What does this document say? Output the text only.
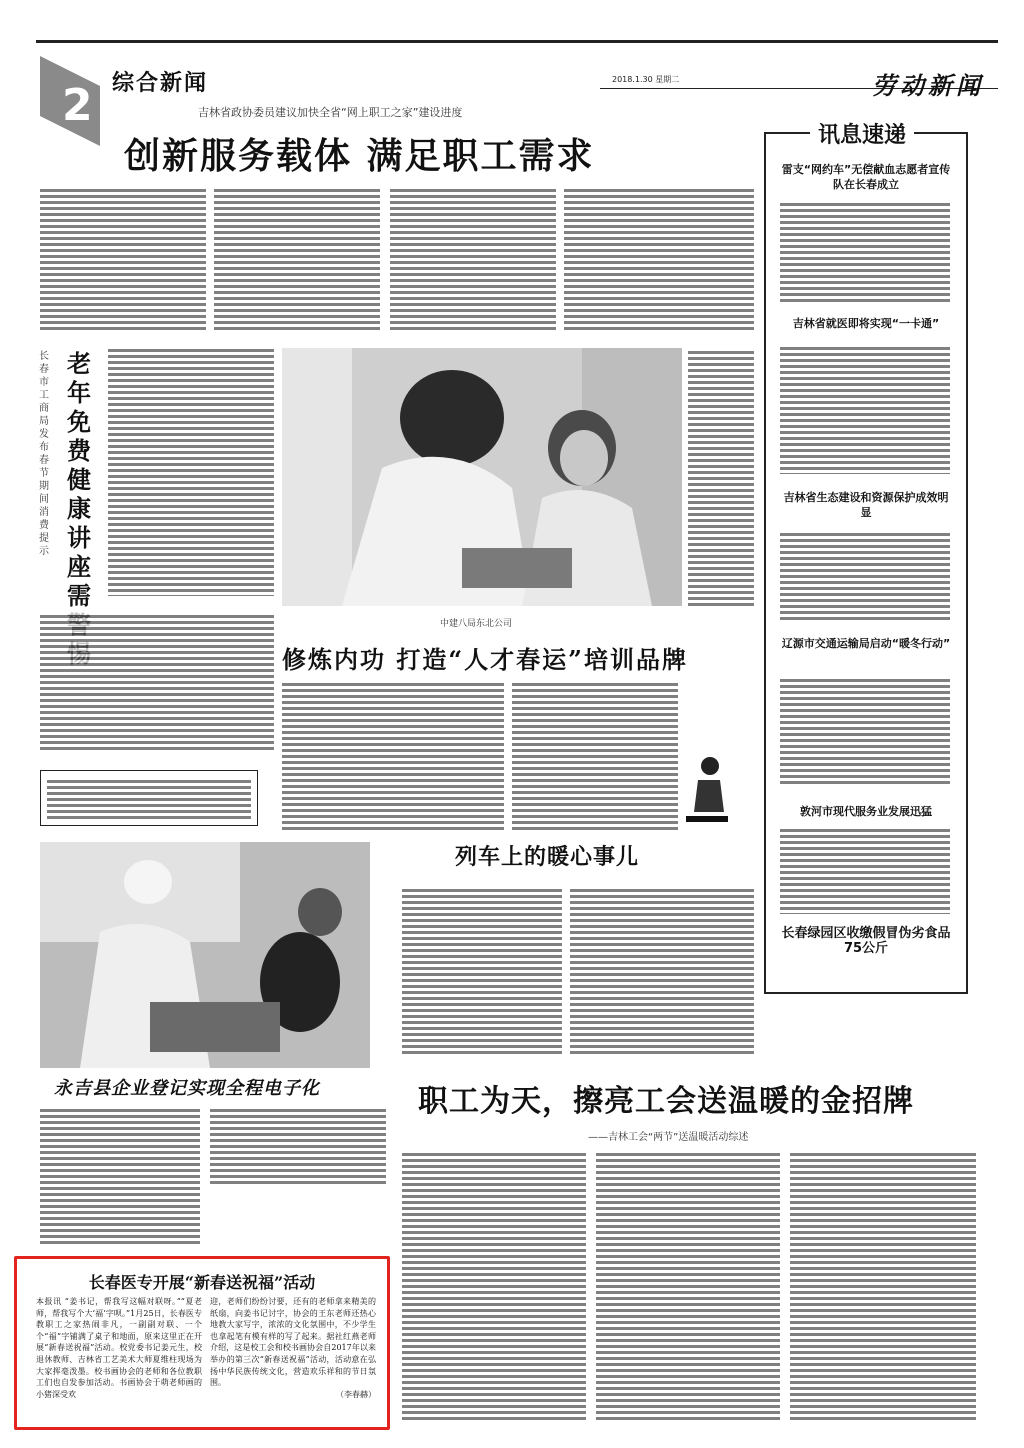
2 综合新闻
吉林省政协委员建议加快全省“网上职工之家”建设进度
2018.1.30 星期二	劳动新闻
创新服务载体 满足职工需求
长春市工商局发布春节期间消费提示
老年免费健康讲座需
中建八局东北公司
修炼内功 打造“人才春运”培训品牌
列车上的暖心事儿
永吉县企业登记实现全程电子化	职工为天，擦亮工会送温暖的金招牌
——吉林工会“两节”送温暖活动综述
讯息速递
雷支“网约车”无偿献血志愿者宣传队在长春成立
吉林省就医即将实现“一卡通”
吉林省生态建设和资源保护成效明显
辽源市交通运输局启动“暖冬行动”
敦河市现代服务业发展迅猛
长春绿园区收缴假冒伪劣食品75公斤
长春医专开展“新春送祝福”活动
本报讯 “姜书记，帮我写这幅对联呀。”“夏老师，帮我写个大‘福’字呗。”1月25日，长春医专教职工之家热闹非凡，一副副对联、一个个“福”字铺满了桌子和地面，原来这里正在开展“新春送祝福”活动。校党委书记姜元生，校退休教师、吉林省工艺美术大师夏维柱现场为大家挥毫泼墨。校书画协会的老师和各位教职工们也自发参加活动。书画协会于萌老师画的小猪深受欢
迎，老师们纷纷讨要，还有的老师拿来精美的纸扇，向姜书记讨字，协会的王东老师还热心地教大家写字，浓浓的文化氛围中，不少学生也拿起笔有模有样的写了起来。据社红燕老师介绍，这是校工会和校书画协会自2017年以来举办的第三次“新春送祝福”活动，活动意在弘扬中华民族传统文化，营造欢乐祥和的节日氛围。
（李春赫）
